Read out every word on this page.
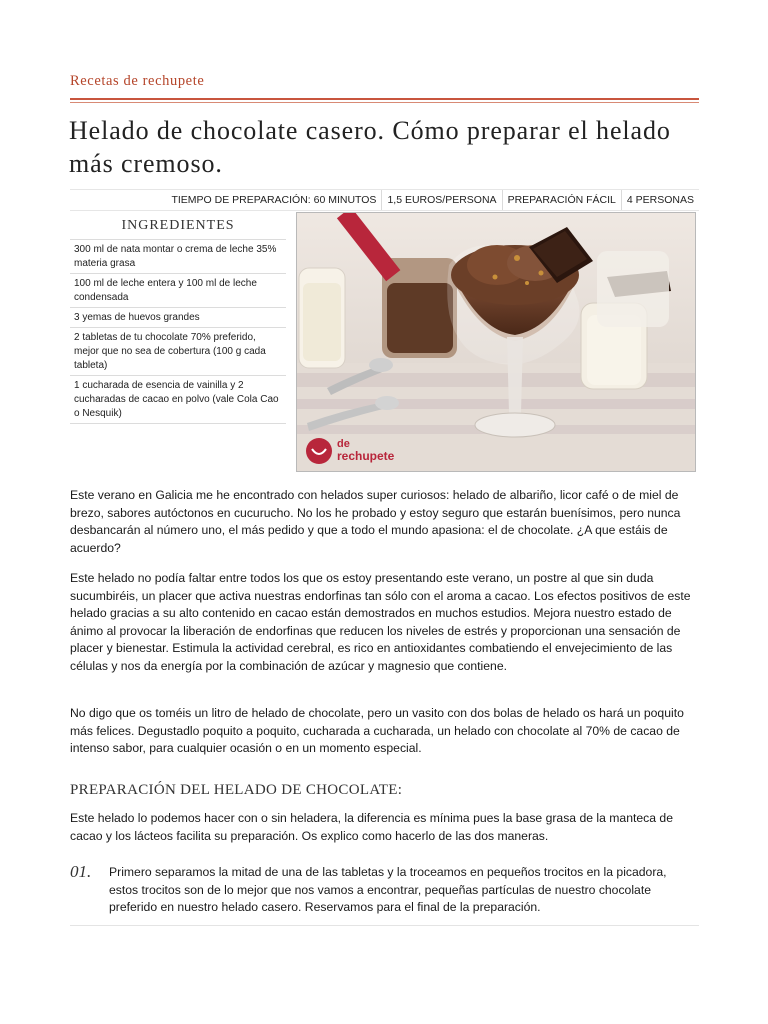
Recetas de rechupete
Helado de chocolate casero. Cómo preparar el helado más cremoso.
TIEMPO DE PREPARACIÓN: 60 MINUTOS	1,5 EUROS/PERSONA	PREPARACIÓN FÁCIL	4 PERSONAS
INGREDIENTES
300 ml de nata montar o crema de leche 35% materia grasa
100 ml de leche entera y 100 ml de leche condensada
3 yemas de huevos grandes
2 tabletas de tu chocolate 70% preferido, mejor que no sea de cobertura (100 g cada tableta)
1 cucharada de esencia de vainilla y 2 cucharadas de cacao en polvo (vale Cola Cao o Nesquik)
de
rechupete

Este verano en Galicia me he encontrado con helados super curiosos: helado de albariño, licor café o de miel de brezo, sabores autóctonos en cucurucho. No los he probado y estoy seguro que estarán buenísimos, pero nunca desbancarán al número uno, el más pedido y que a todo el mundo apasiona: el de chocolate. ¿A que estáis de acuerdo?

Este helado no podía faltar entre todos los que os estoy presentando este verano, un postre al que sin duda sucumbiréis, un placer que activa nuestras endorfinas tan sólo con el aroma a cacao. Los efectos positivos de este helado gracias a su alto contenido en cacao están demostrados en muchos estudios. Mejora nuestro estado de ánimo al provocar la liberación de endorfinas que reducen los niveles de estrés y proporcionan una sensación de placer y bienestar. Estimula la actividad cerebral, es rico en antioxidantes combatiendo el envejecimiento de las células y nos da energía por la combinación de azúcar y magnesio que contiene.

No digo que os toméis un litro de helado de chocolate, pero un vasito con dos bolas de helado os hará un poquito más felices. Degustadlo poquito a poquito, cucharada a cucharada, un helado con chocolate al 70% de cacao de intenso sabor, para cualquier ocasión o en un momento especial.

PREPARACIÓN DEL HELADO DE CHOCOLATE:

Este helado lo podemos hacer con o sin heladera, la diferencia es mínima pues la base grasa de la manteca de cacao y los lácteos facilita su preparación. Os explico como hacerlo de las dos maneras.

01. Primero separamos la mitad de una de las tabletas y la troceamos en pequeños trocitos en la picadora, estos trocitos son de lo mejor que nos vamos a encontrar, pequeñas partículas de nuestro chocolate preferido en nuestro helado casero. Reservamos para el final de la preparación.
